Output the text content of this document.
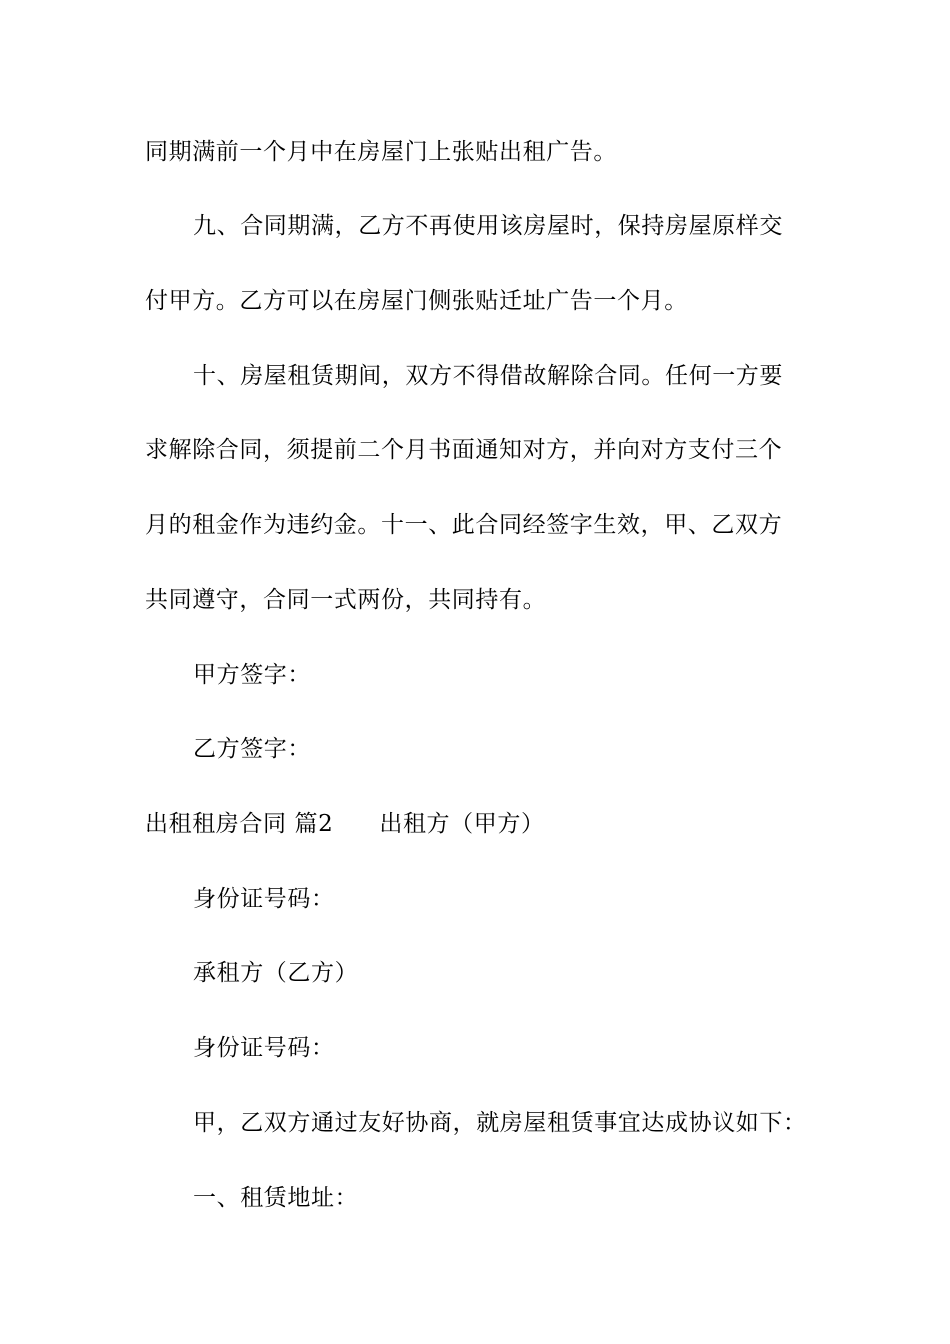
同期满前一个月中在房屋门上张贴出租广告。
九、合同期满，乙方不再使用该房屋时，保持房屋原样交
付甲方。乙方可以在房屋门侧张贴迁址广告一个月。
十、房屋租赁期间，双方不得借故解除合同。任何一方要
求解除合同，须提前二个月书面通知对方，并向对方支付三个
月的租金作为违约金。十一、此合同经签字生效，甲、乙双方
共同遵守，合同一式两份，共同持有。
甲方签字：
乙方签字：
出租租房合同 篇2 出租方（甲方）
身份证号码：
承租方（乙方）
身份证号码：
甲，乙双方通过友好协商，就房屋租赁事宜达成协议如下：
一、租赁地址：
